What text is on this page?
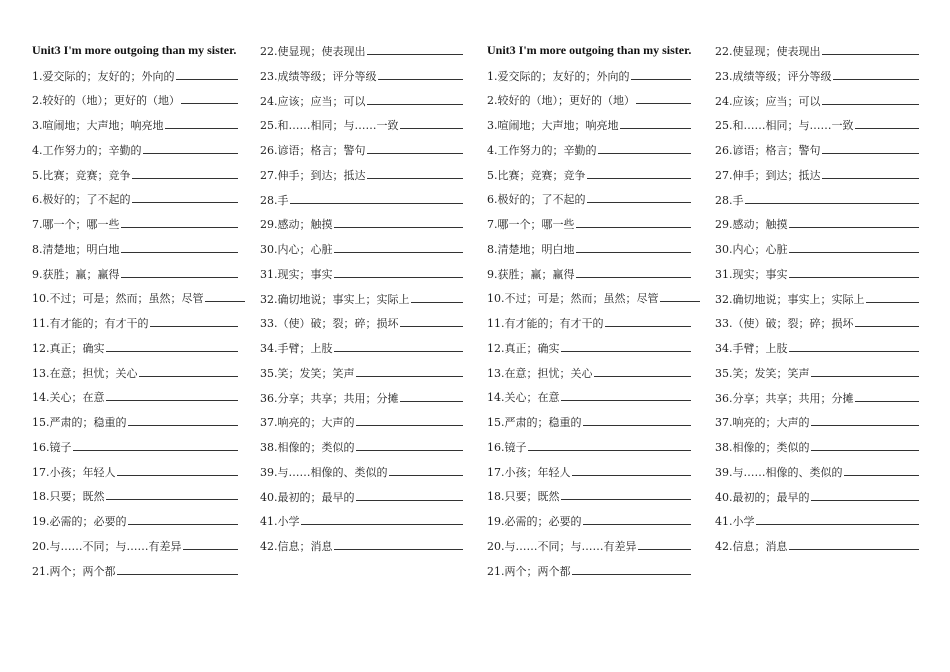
Unit3 I'm more outgoing than my sister.
1.爱交际的；友好的；外向的
2.较好的（地）；更好的（地）
3.喧闹地；大声地；响亮地
4.工作努力的；辛勤的
5.比赛；竞赛；竞争
6.极好的；了不起的
7.哪一个；哪一些
8.清楚地；明白地
9.获胜；赢；赢得
10.不过；可是；然而；虽然；尽管
11.有才能的；有才干的
12.真正；确实
13.在意；担忧；关心
14.关心；在意
15.严肃的；稳重的
16.镜子
17.小孩；年轻人
18.只要；既然
19.必需的；必要的
20.与……不同；与……有差异
21.两个；两个都
22.使显现；使表现出
23.成绩等级；评分等级
24.应该；应当；可以
25.和……相同；与……一致
26.谚语；格言；警句
27.伸手；到达；抵达
28.手
29.感动；触摸
30.内心；心脏
31.现实；事实
32.确切地说；事实上；实际上
33.（使）破；裂；碎；损坏
34.手臂；上肢
35.笑；发笑；笑声
36.分享；共享；共用；分摊
37.响亮的；大声的
38.相像的；类似的
39.与……相像的、类似的
40.最初的；最早的
41.小学
42.信息；消息
Unit3 I'm more outgoing than my sister.
1.爱交际的；友好的；外向的
2.较好的（地）；更好的（地）
3.喧闹地；大声地；响亮地
4.工作努力的；辛勤的
5.比赛；竞赛；竞争
6.极好的；了不起的
7.哪一个；哪一些
8.清楚地；明白地
9.获胜；赢；赢得
10.不过；可是；然而；虽然；尽管
11.有才能的；有才干的
12.真正；确实
13.在意；担忧；关心
14.关心；在意
15.严肃的；稳重的
16.镜子
17.小孩；年轻人
18.只要；既然
19.必需的；必要的
20.与……不同；与……有差异
21.两个；两个都
22.使显现；使表现出
23.成绩等级；评分等级
24.应该；应当；可以
25.和……相同；与……一致
26.谚语；格言；警句
27.伸手；到达；抵达
28.手
29.感动；触摸
30.内心；心脏
31.现实；事实
32.确切地说；事实上；实际上
33.（使）破；裂；碎；损坏
34.手臂；上肢
35.笑；发笑；笑声
36.分享；共享；共用；分摊
37.响亮的；大声的
38.相像的；类似的
39.与……相像的、类似的
40.最初的；最早的
41.小学
42.信息；消息
